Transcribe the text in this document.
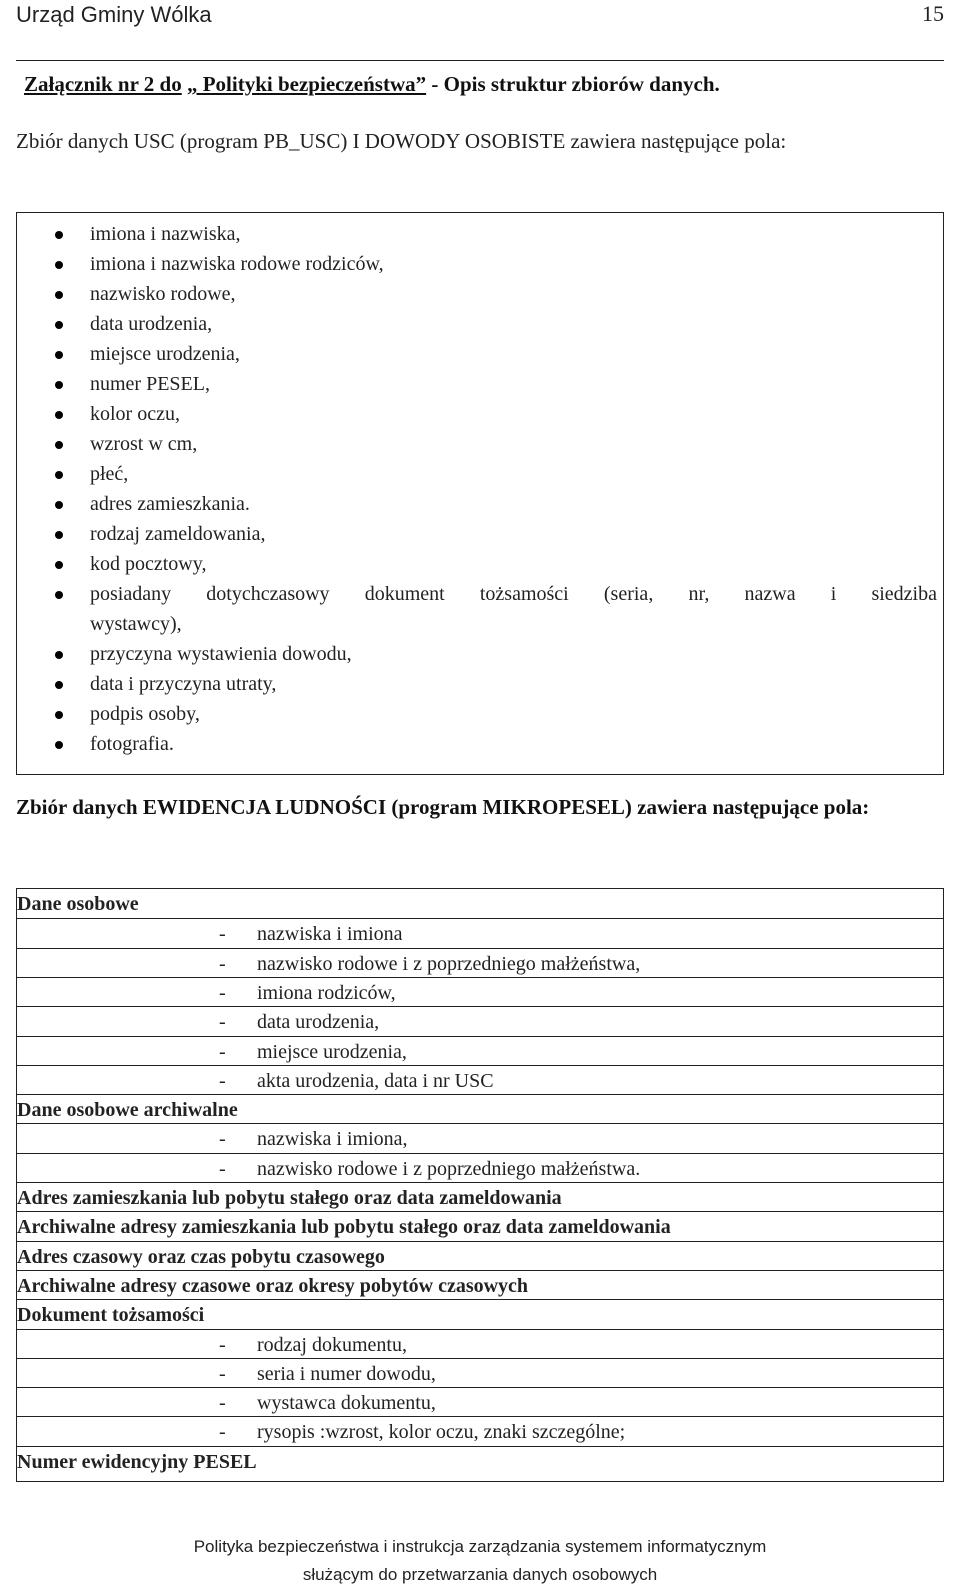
Urząd Gminy Wólka	15
Załącznik nr 2 do „ Polityki bezpieczeństwa” - Opis struktur zbiorów danych.
Zbiór danych USC (program PB_USC) I DOWODY OSOBISTE zawiera następujące pola:
imiona i nazwiska,
imiona i nazwiska rodowe rodziców,
nazwisko rodowe,
data urodzenia,
miejsce urodzenia,
numer PESEL,
kolor oczu,
wzrost w cm,
płeć,
adres zamieszkania.
rodzaj zameldowania,
kod pocztowy,
posiadany dotychczasowy dokument tożsamości (seria, nr, nazwa i siedziba
wystawcy),
przyczyna wystawienia dowodu,
data i przyczyna utraty,
podpis osoby,
fotografia.
Zbiór danych EWIDENCJA LUDNOŚCI (program MIKROPESEL) zawiera następujące pola:
Dane osobowe
- nazwiska i imiona
- nazwisko rodowe i z poprzedniego małżeństwa,
- imiona rodziców,
- data urodzenia,
- miejsce urodzenia,
- akta urodzenia, data i nr USC
Dane osobowe archiwalne
- nazwiska i imiona,
- nazwisko rodowe i z poprzedniego małżeństwa.
Adres zamieszkania lub pobytu stałego oraz data zameldowania
Archiwalne adresy zamieszkania lub pobytu stałego oraz data zameldowania
Adres czasowy oraz czas pobytu czasowego
Archiwalne adresy czasowe oraz okresy pobytów czasowych
Dokument tożsamości
- rodzaj dokumentu,
- seria i numer dowodu,
- wystawca dokumentu,
- rysopis :wzrost, kolor oczu, znaki szczególne;
Numer ewidencyjny PESEL
Polityka bezpieczeństwa i instrukcja zarządzania systemem informatycznym
służącym do przetwarzania danych osobowych
